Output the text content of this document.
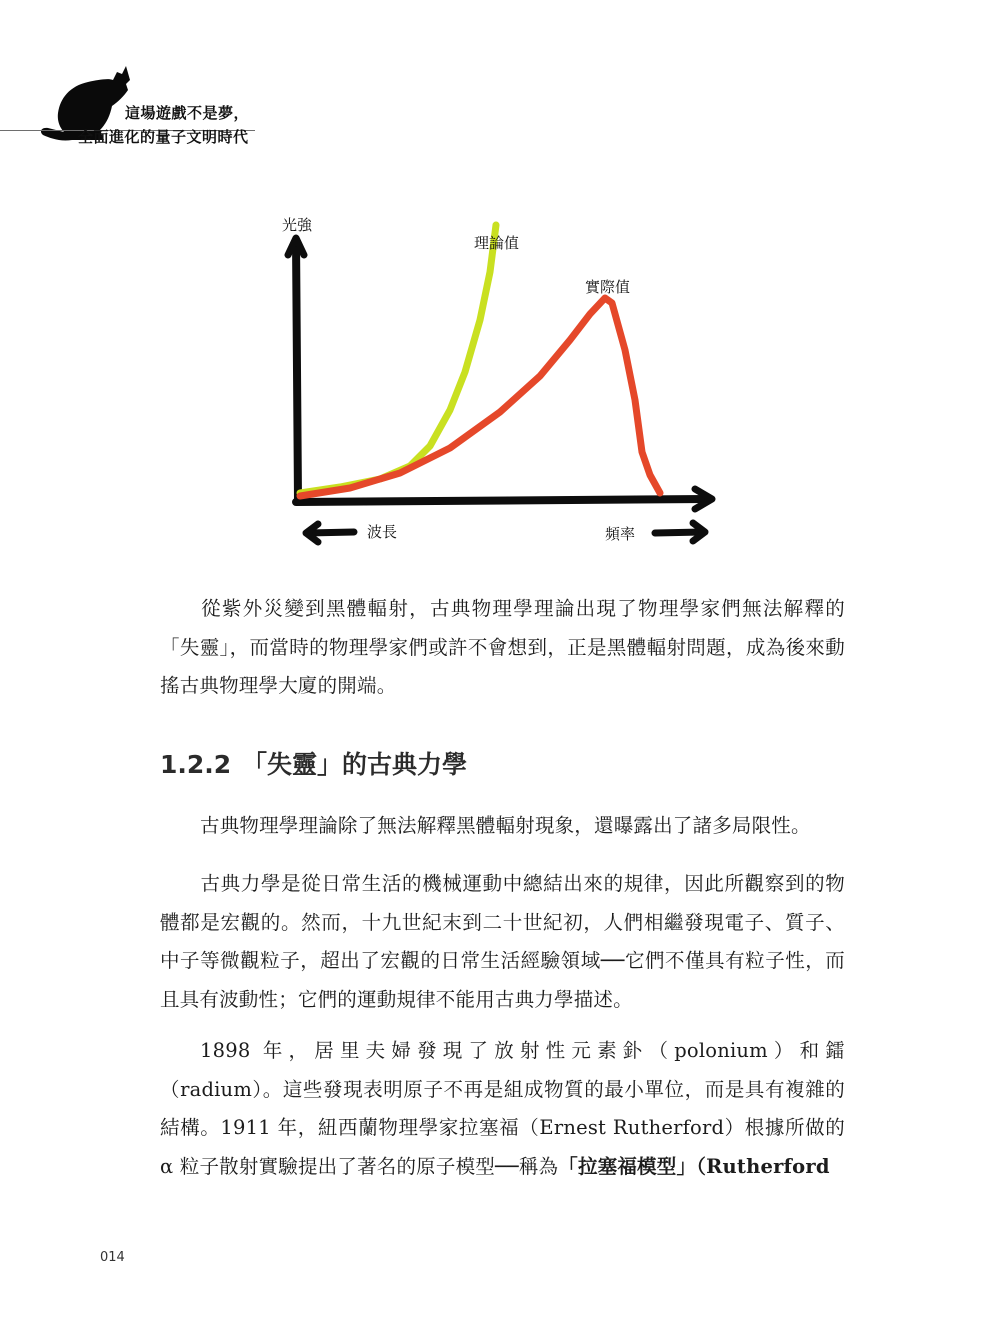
這場遊戲不是夢，
全面進化的量子文明時代
光強
理論值
實際值
波長	頻率

從紫外災變到黑體輻射，古典物理學理論出現了物理學家們無法解釋的「失靈」，而當時的物理學家們或許不會想到，正是黑體輻射問題，成為後來動搖古典物理學大廈的開端。

1.2.2 「失靈」的古典力學

古典物理學理論除了無法解釋黑體輻射現象，還曝露出了諸多局限性。

古典力學是從日常生活的機械運動中總結出來的規律，因此所觀察到的物體都是宏觀的。然而，十九世紀末到二十世紀初，人們相繼發現電子、質子、中子等微觀粒子，超出了宏觀的日常生活經驗領域──它們不僅具有粒子性，而且具有波動性；它們的運動規律不能用古典力學描述。

1898 年，居里夫婦發現了放射性元素釙（polonium）和鐳（radium）。這些發現表明原子不再是組成物質的最小單位，而是具有複雜的結構。1911 年，紐西蘭物理學家拉塞福（Ernest Rutherford）根據所做的 α 粒子散射實驗提出了著名的原子模型──稱為「拉塞福模型」（Rutherford

014
